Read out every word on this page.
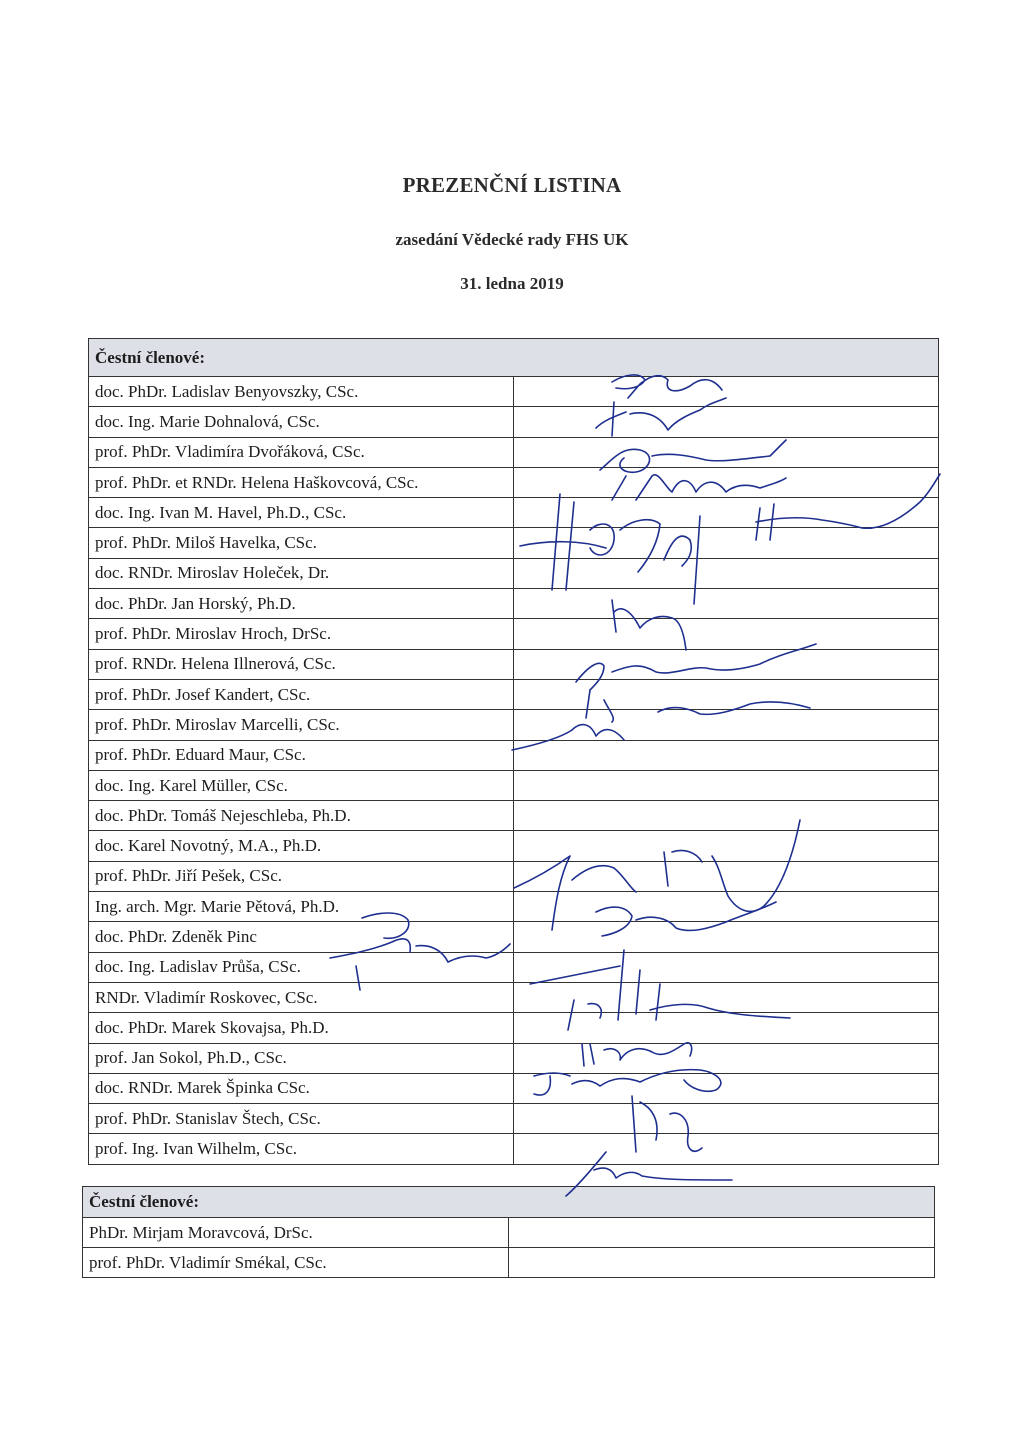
PREZENČNÍ LISTINA
zasedání Vědecké rady FHS UK
31. ledna 2019
Čestní členové:	
doc. PhDr. Ladislav Benyovszky, CSc.	
doc. Ing. Marie Dohnalová, CSc.	
prof. PhDr. Vladimíra Dvořáková, CSc.	
prof. PhDr. et RNDr. Helena Haškovcová, CSc.	
doc. Ing. Ivan M. Havel, Ph.D., CSc.	
prof. PhDr. Miloš Havelka, CSc.	
doc. RNDr. Miroslav Holeček, Dr.	
doc. PhDr. Jan Horský, Ph.D.	
prof. PhDr. Miroslav Hroch, DrSc.	
prof. RNDr. Helena Illnerová, CSc.	
prof. PhDr. Josef Kandert, CSc.	
prof. PhDr. Miroslav Marcelli, CSc.	
prof. PhDr. Eduard Maur, CSc.	
doc. Ing. Karel Müller, CSc.	
doc. PhDr. Tomáš Nejeschleba, Ph.D.	
doc. Karel Novotný, M.A., Ph.D.	
prof. PhDr. Jiří Pešek, CSc.	
Ing. arch. Mgr. Marie Pětová, Ph.D.	
doc. PhDr. Zdeněk Pinc	
doc. Ing. Ladislav Průša, CSc.	
RNDr. Vladimír Roskovec, CSc.	
doc. PhDr. Marek Skovajsa, Ph.D.	
prof. Jan Sokol, Ph.D., CSc.	
doc. RNDr. Marek Špinka CSc.	
prof. PhDr. Stanislav Štech, CSc.	
prof. Ing. Ivan Wilhelm, CSc.	
Čestní členové:	
PhDr. Mirjam Moravcová, DrSc.	
prof. PhDr. Vladimír Smékal, CSc.	
